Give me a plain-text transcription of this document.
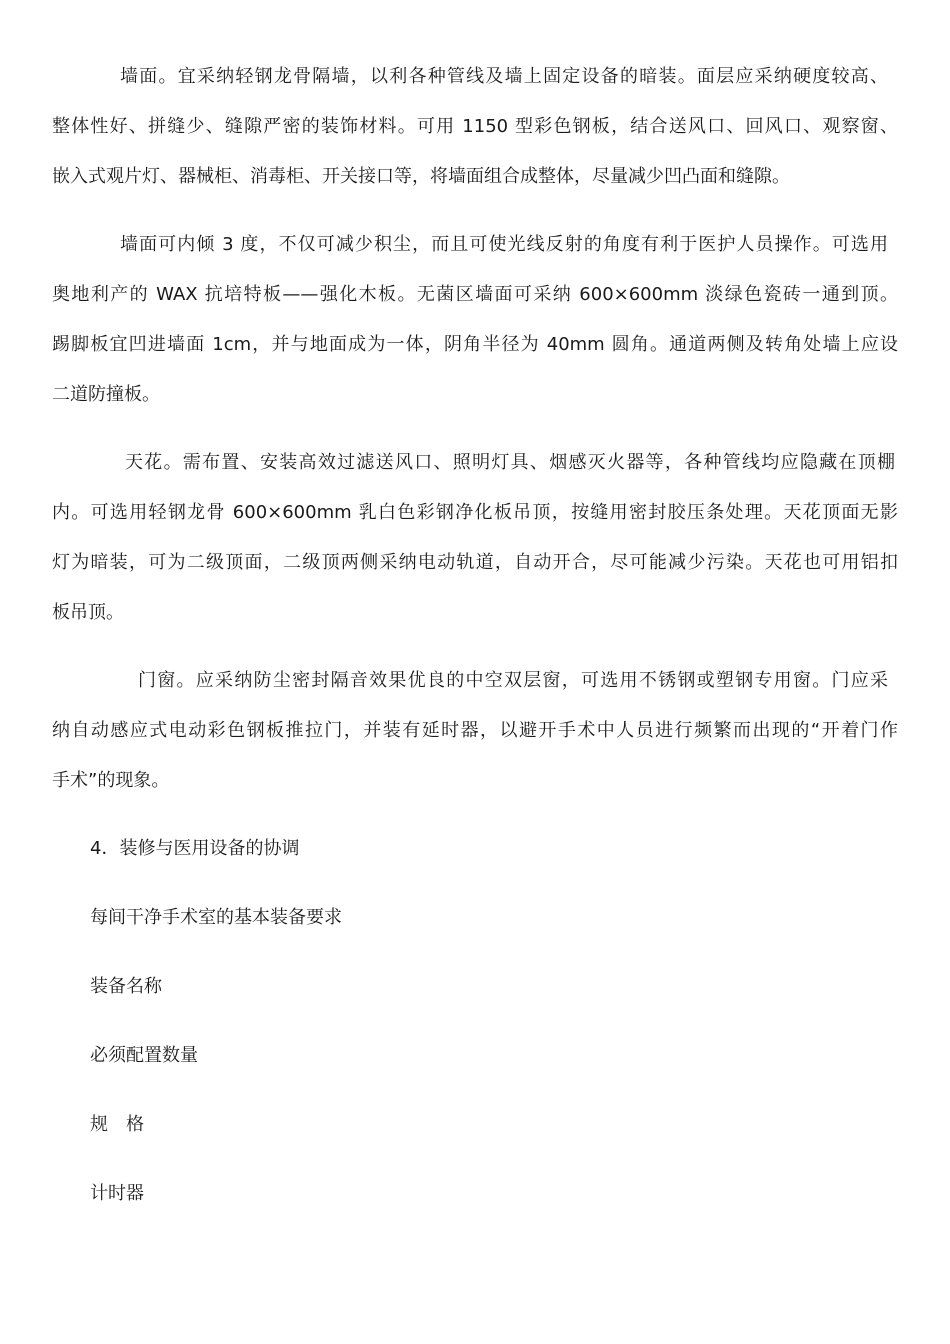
墙面。宜采纳轻钢龙骨隔墙，以利各种管线及墙上固定设备的暗装。面层应采纳硬度较高、
整体性好、拼缝少、缝隙严密的装饰材料。可用 1150 型彩色钢板，结合送风口、回风口、观察窗、
嵌入式观片灯、器械柜、消毒柜、开关接口等，将墙面组合成整体，尽量减少凹凸面和缝隙。
墙面可内倾 3 度，不仅可减少积尘，而且可使光线反射的角度有利于医护人员操作。可选用
奥地利产的 WAX 抗培特板——强化木板。无菌区墙面可采纳 600×600mm 淡绿色瓷砖一通到顶。
踢脚板宜凹进墙面 1cm，并与地面成为一体，阴角半径为 40mm 圆角。通道两侧及转角处墙上应设
二道防撞板。
天花。需布置、安装高效过滤送风口、照明灯具、烟感灭火器等，各种管线均应隐藏在顶棚
内。可选用轻钢龙骨 600×600mm 乳白色彩钢净化板吊顶，按缝用密封胶压条处理。天花顶面无影
灯为暗装，可为二级顶面，二级顶两侧采纳电动轨道，自动开合，尽可能减少污染。天花也可用铝扣
板吊顶。
门窗。应采纳防尘密封隔音效果优良的中空双层窗，可选用不锈钢或塑钢专用窗。门应采
纳自动感应式电动彩色钢板推拉门，并装有延时器，以避开手术中人员进行频繁而出现的“开着门作
手术”的现象。
4．装修与医用设备的协调
每间干净手术室的基本装备要求
装备名称
必须配置数量
规　格
计时器
